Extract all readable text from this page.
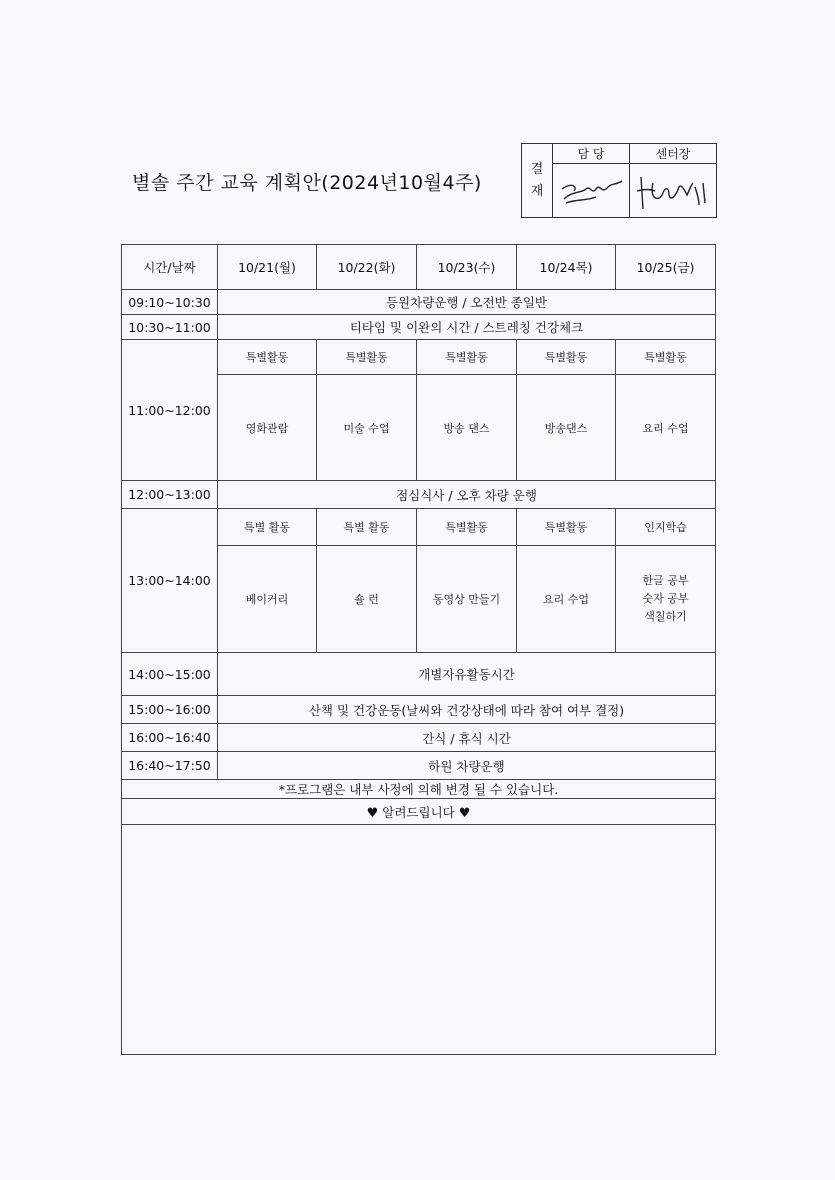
별솔 주간 교육 계획안(2024년10월4주)
결
재	담 당	센터장

시간/날짜	10/21(월)	10/22(화)	10/23(수)	10/24목)	10/25(금)
09:10~10:30	등원차량운행 / 오전반 종일반				
10:30~11:00	티타임 및 이완의 시간 / 스트레칭 건강체크				
11:00~12:00	특별활동	특별활동	특별활동	특별활동	특별활동
	영화관람	미술 수업	방송 댄스	방송댄스	요리 수업
12:00~13:00	점심식사 / 오후 차량 운행				
13:00~14:00	특별 활동	특별 활동	특별활동	특별활동	인지학습
	베이커리	숄 런	동영상 만들기	요리 수업	한글 공부
숫자 공부
색칠하기

14:00~15:00	개별자유활동시간				
15:00~16:00	산책 및 건강운동(날씨와 건강상태에 따라 참여 여부 결정)				
16:00~16:40	간식 / 휴식 시간				
16:40~17:50	하원 차량운행				
*프로그램은 내부 사정에 의해 변경 될 수 있습니다.					
♥ 알려드립니다 ♥					
